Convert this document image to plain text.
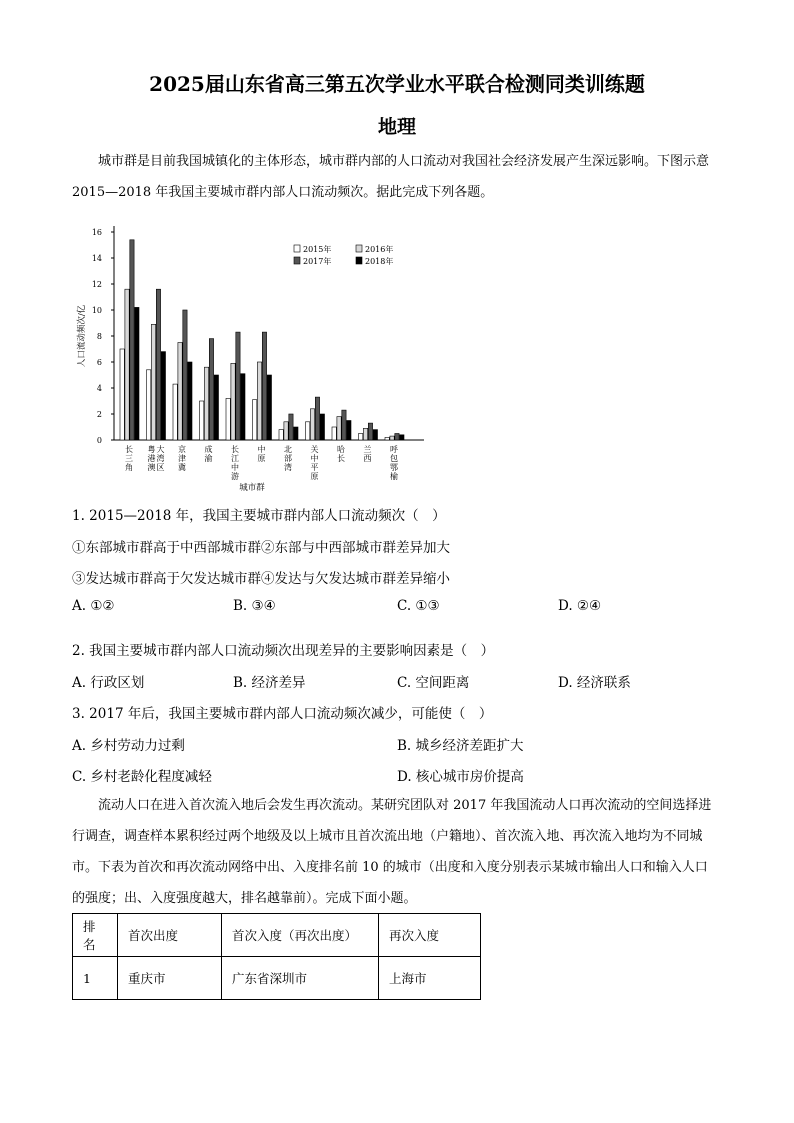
2025届山东省高三第五次学业水平联合检测同类训练题
地理
城市群是目前我国城镇化的主体形态，城市群内部的人口流动对我国社会经济发展产生深远影响。下图示意 2015—2018 年我国主要城市群内部人口流动频次。据此完成下列各题。
0
2
4
6
8
10
12
14
16
人口流动频次/亿
长
三
角
粤
港
澳
大
湾
区
京
津
冀
成
渝
长
江
中
游
中
原
北
部
湾
关
中
平
原
哈
长
兰
西
呼
包
鄂
榆
城市群
2015年	2016年
2017年	2018年
1. 2015—2018 年，我国主要城市群内部人口流动频次（　）
①东部城市群高于中西部城市群②东部与中西部城市群差异加大
③发达城市群高于欠发达城市群④发达与欠发达城市群差异缩小
A. ①②	B. ③④	C. ①③	D. ②④
2. 我国主要城市群内部人口流动频次出现差异的主要影响因素是（　）
A. 行政区划	B. 经济差异	C. 空间距离	D. 经济联系
3. 2017 年后，我国主要城市群内部人口流动频次减少，可能使（　）
A. 乡村劳动力过剩	B. 城乡经济差距扩大
C. 乡村老龄化程度减轻	D. 核心城市房价提高
流动人口在进入首次流入地后会发生再次流动。某研究团队对 2017 年我国流动人口再次流动的空间选择进行调查，调查样本累积经过两个地级及以上城市且首次流出地（户籍地）、首次流入地、再次流入地均为不同城市。下表为首次和再次流动网络中出、入度排名前 10 的城市（出度和入度分别表示某城市输出人口和输入人口的强度；出、入度强度越大，排名越靠前）。完成下面小题。
排名	首次出度	首次入度（再次出度）	再次入度
1	重庆市	广东省深圳市	上海市
